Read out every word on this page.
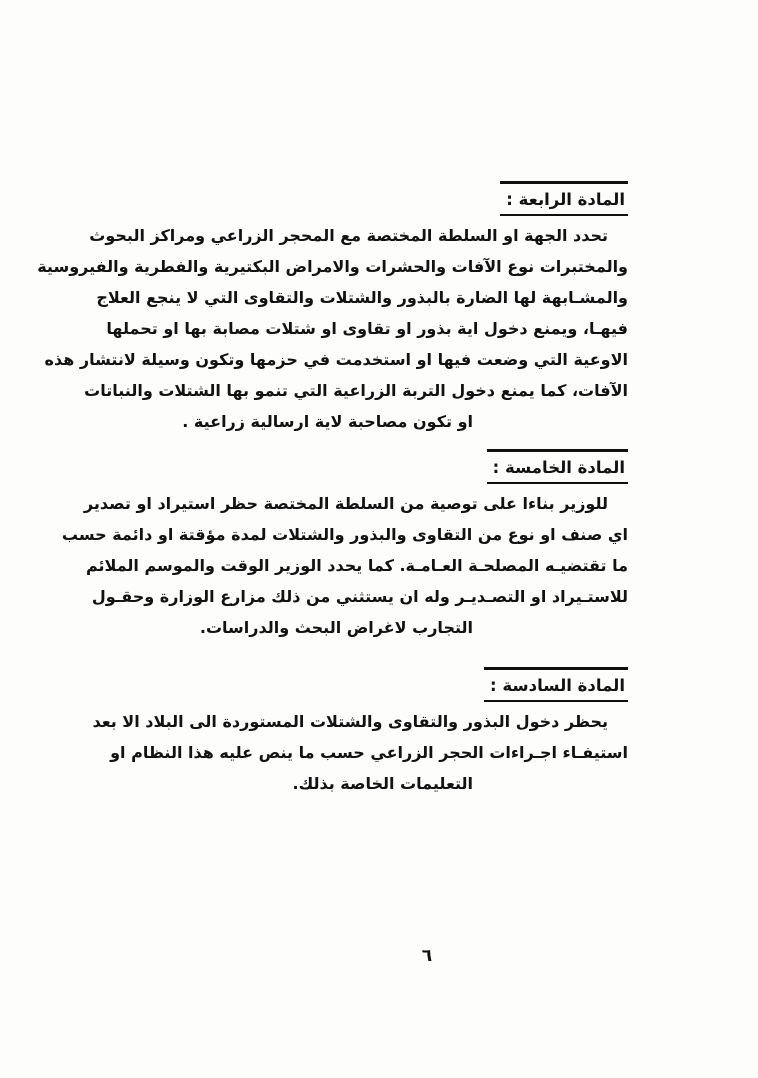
المادة الرابعة :
تحدد الجهة او السلطة المختصة مع المحجر الزراعي ومراكز البحوث
والمختبرات نوع الآفات والحشرات والامراض البكتيرية والفطرية والفيروسية
والمشـابهة لها الضارة بالبذور والشتلات والتقاوى التي لا ينجع العلاج
فيهـا، ويمنع دخول اية بذور او تقاوى او شتلات مصابة بها او تحملها
الاوعية التي وضعت فيها او استخدمت في حزمها وتكون وسيلة لانتشار هذه
الآفات، كما يمنع دخول التربة الزراعية التي تنمو بها الشتلات والنباتات
او تكون مصاحبة لاية ارسالية زراعية .
المادة الخامسة :
للوزير بناءا على توصية من السلطة المختصة حظر استيراد او تصدير
اي صنف او نوع من التقاوى والبذور والشتلات لمدة مؤقتة او دائمة حسب
ما تقتضيـه المصلحـة العـامـة. كما يحدد الوزير الوقت والموسم الملائم
للاستـيراد او التصـديـر وله ان يستثني من ذلك مزارع الوزارة وحقـول
التجارب لاغراض البحث والدراسات.
المادة السادسة :
يحظر دخول البذور والتقاوى والشتلات المستوردة الى البلاد الا بعد
استيفـاء اجـراءات الحجر الزراعي حسب ما ينص عليه هذا النظام او
التعليمات الخاصة بذلك.
٦
